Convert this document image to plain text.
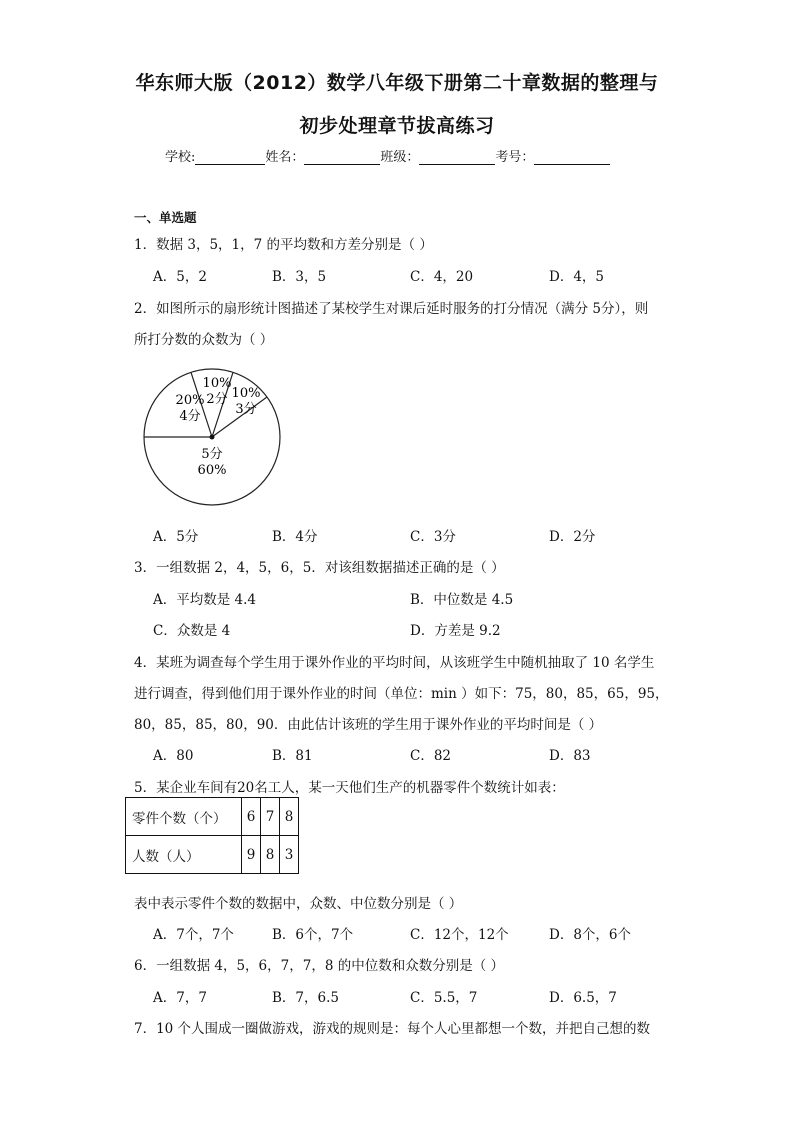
华东师大版（2012）数学八年级下册第二十章数据的整理与
初步处理章节拔高练习
学校:	姓名：	班级：	考号：
一、单选题
1．数据 3，5，1，7 的平均数和方差分别是（ ）
A．5，2	B．3，5	C．4，20	D．4，5
2．如图所示的扇形统计图描述了某校学生对课后延时服务的打分情况（满分 5分），则
所打分数的众数为（ ）
20%
4分
10%
2分 10%
3分
5分
60%
A．5分	B．4分	C．3分	D．2分
3．一组数据 2，4，5，6，5．对该组数据描述正确的是（ ）
A．平均数是 4.4	B．中位数是 4.5
C．众数是 4	D．方差是 9.2
4．某班为调查每个学生用于课外作业的平均时间，从该班学生中随机抽取了 10 名学生
进行调查，得到他们用于课外作业的时间（单位：min ）如下：75，80，85，65，95，
80，85，85，80，90．由此估计该班的学生用于课外作业的平均时间是（ ）
A．80	B．81	C．82	D．83
5．某企业车间有20名工人，某一天他们生产的机器零件个数统计如表：
零件个数（个）	6	7	8
人数（人）	9	8	3
表中表示零件个数的数据中，众数、中位数分别是（ ）
A．7个，7个	B．6个，7个	C．12个，12个	D．8个，6个
6．一组数据 4，5，6，7，7，8 的中位数和众数分别是（ ）
A．7，7	B．7，6.5	C．5.5，7	D．6.5，7
7．10 个人围成一圈做游戏，游戏的规则是：每个人心里都想一个数，并把自己想的数
